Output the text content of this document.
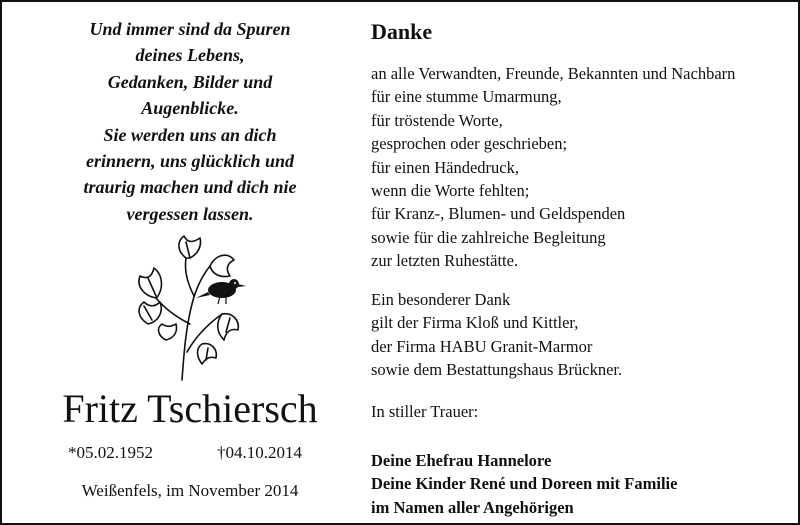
Und immer sind da Spuren
deines Lebens,
Gedanken, Bilder und
Augenblicke.
Sie werden uns an dich
erinnern, uns glücklich und
traurig machen und dich nie
vergessen lassen.
Fritz Tschiersch
*05.02.1952	†04.10.2014
Weißenfels, im November 2014
Danke
an alle Verwandten, Freunde, Bekannten und Nachbarn
für eine stumme Umarmung,
für tröstende Worte,
gesprochen oder geschrieben;
für einen Händedruck,
wenn die Worte fehlten;
für Kranz-, Blumen- und Geldspenden
sowie für die zahlreiche Begleitung
zur letzten Ruhestätte.
Ein besonderer Dank
gilt der Firma Kloß und Kittler,
der Firma HABU Granit-Marmor
sowie dem Bestattungshaus Brückner.
In stiller Trauer:
Deine Ehefrau Hannelore
Deine Kinder René und Doreen mit Familie
im Namen aller Angehörigen
